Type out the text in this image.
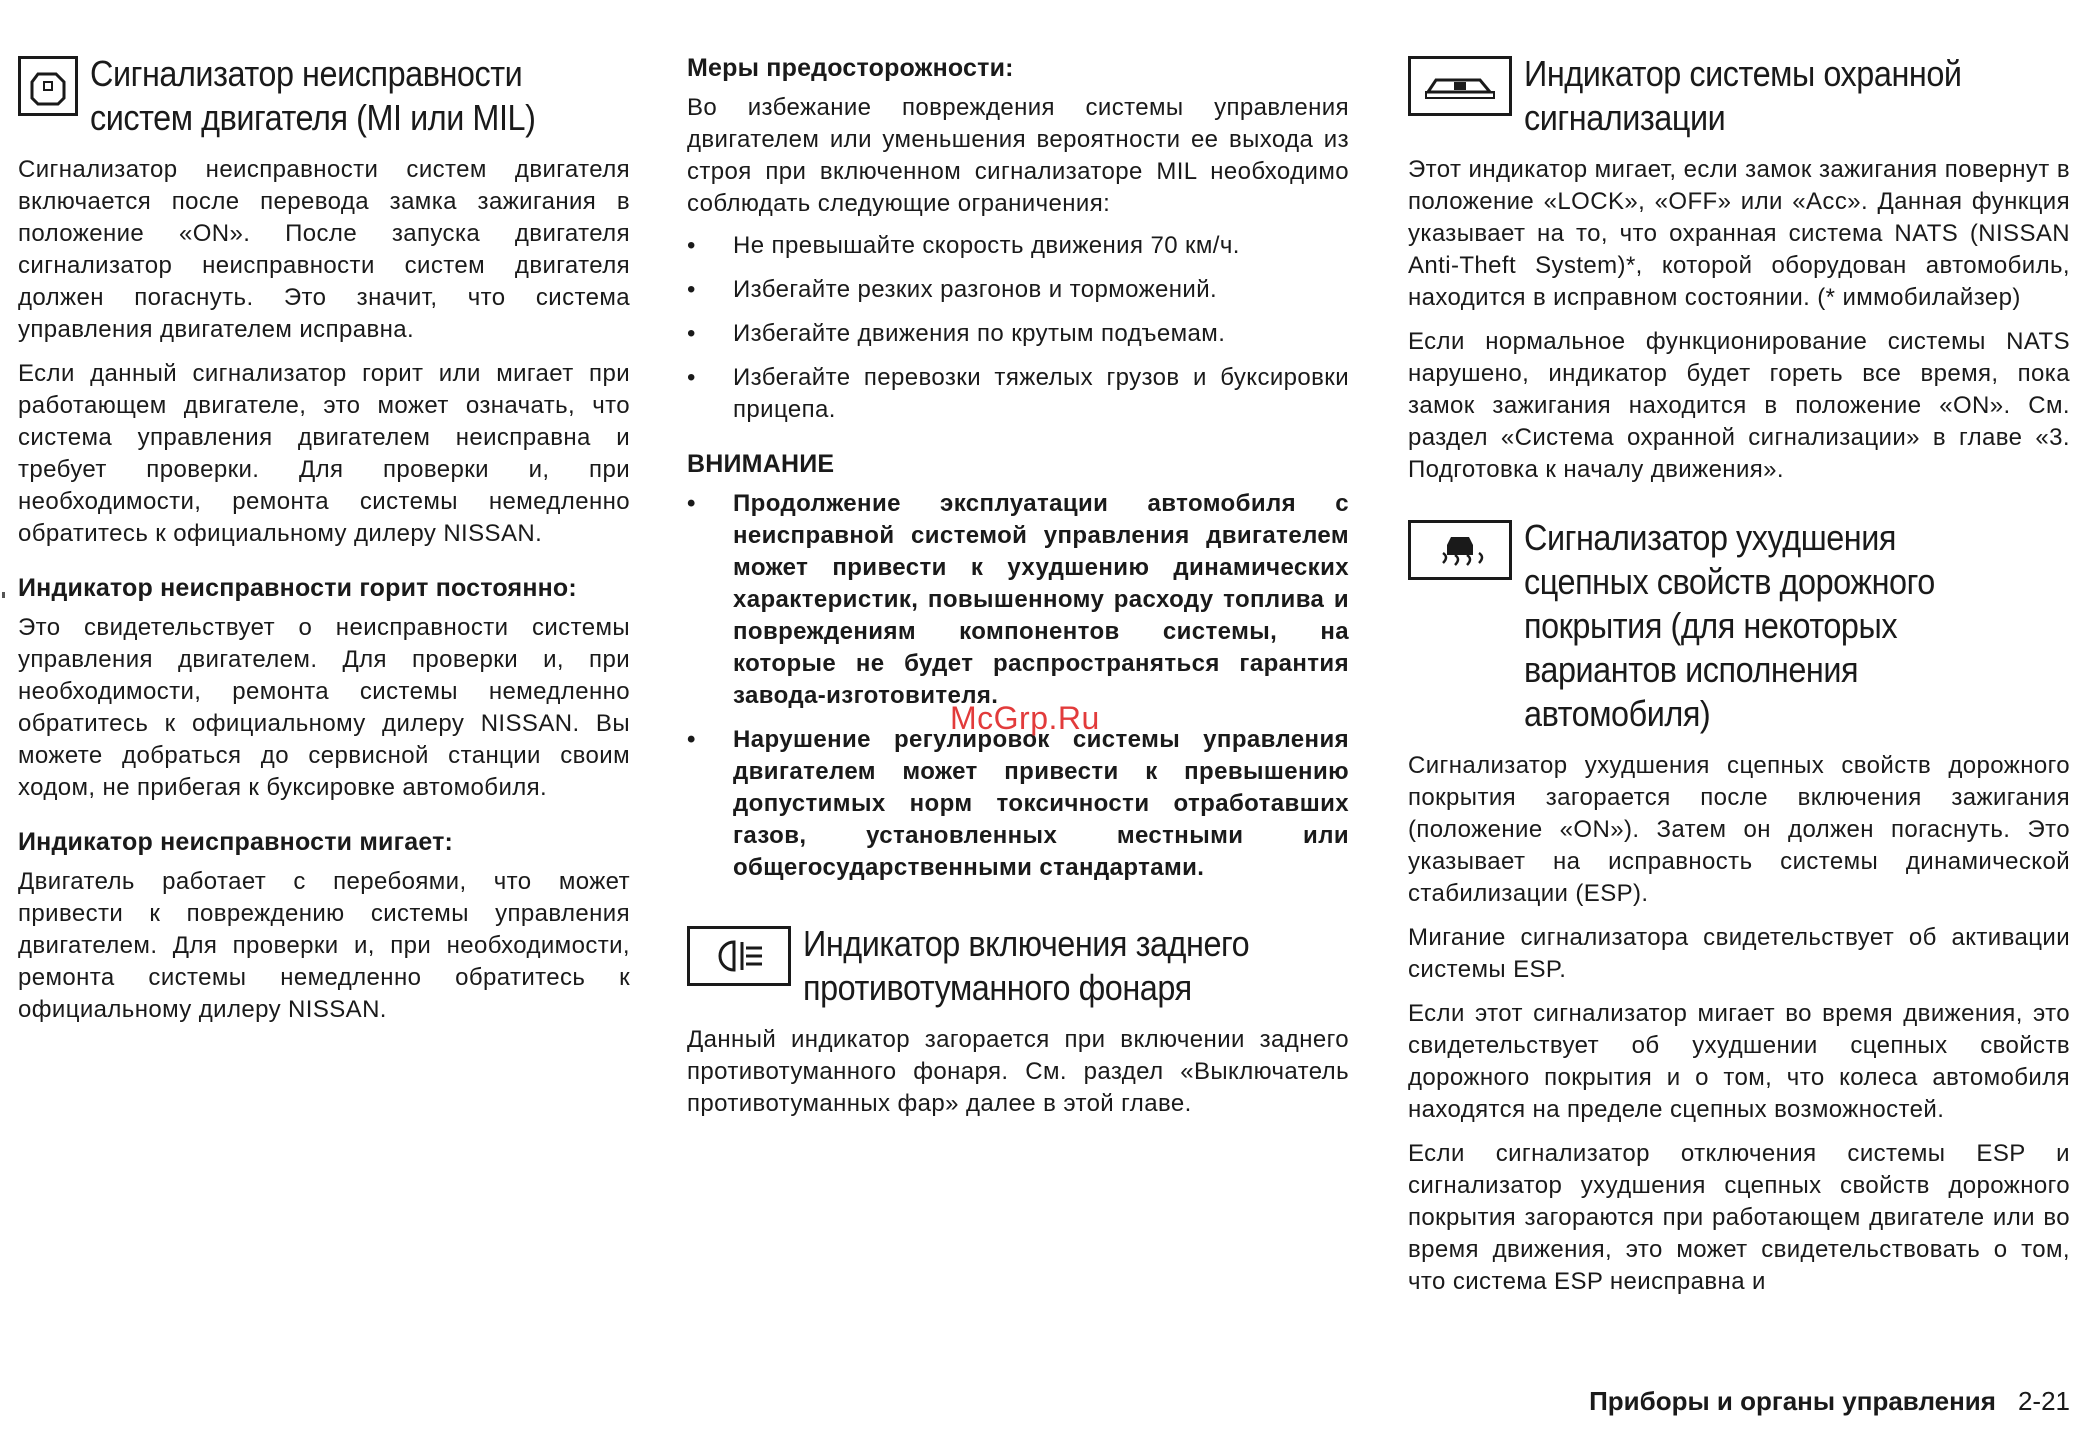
Сигнализатор неисправности систем двигателя (MI или MIL)

Сигнализатор неисправности систем двигателя включается после перевода замка зажигания в положение «ON». После запуска двигателя сигнализатор неисправности систем двигателя должен погаснуть. Это значит, что система управления двигателем исправна.

Если данный сигнализатор горит или мигает при работающем двигателе, это может означать, что система управления двигателем неисправна и требует проверки. Для проверки и, при необходимости, ремонта системы немедленно обратитесь к официальному дилеру NISSAN.

Индикатор неисправности горит постоянно:

Это свидетельствует о неисправности системы управления двигателем. Для проверки и, при необходимости, ремонта системы немедленно обратитесь к официальному дилеру NISSAN. Вы можете добраться до сервисной станции своим ходом, не прибегая к буксировке автомобиля.

Индикатор неисправности мигает:

Двигатель работает с перебоями, что может привести к повреждению системы управления двигателем. Для проверки и, при необходимости, ремонта системы немедленно обратитесь к официальному дилеру NISSAN.

Меры предосторожности:

Во избежание повреждения системы управления двигателем или уменьшения вероятности ее выхода из строя при включенном сигнализаторе MIL необходимо соблюдать следующие ограничения:

• Не превышайте скорость движения 70 км/ч.
• Избегайте резких разгонов и торможений.
• Избегайте движения по крутым подъемам.
• Избегайте перевозки тяжелых грузов и буксировки прицепа.
ВНИМАНИЕ
• Продолжение эксплуатации автомобиля с неисправной системой управления двигателем может привести к ухудшению динамических характеристик, повышенному расходу топлива и повреждениям компонентов системы, на которые не будет распространяться гарантия завода-изготовителя.
• Нарушение регулировок системы управления двигателем может привести к превышению допустимых норм токсичности отработавших газов, установленных местными или общегосударственными стандартами.
Индикатор включения заднего противотуманного фонаря

Данный индикатор загорается при включении заднего противотуманного фонаря. См. раздел «Выключатель противотуманных фар» далее в этой главе.

Индикатор системы охранной сигнализации

Этот индикатор мигает, если замок зажигания повернут в положение «LOCK», «OFF» или «Acc». Данная функция указывает на то, что охранная система NATS (NISSAN Anti-Theft System)*, которой оборудован автомобиль, находится в исправном состоянии. (* иммобилайзер)

Если нормальное функционирование системы NATS нарушено, индикатор будет гореть все время, пока замок зажигания находится в положение «ON». См. раздел «Система охранной сигнализации» в главе «3. Подготовка к началу движения».

Сигнализатор ухудшения сцепных свойств дорожного покрытия (для некоторых вариантов исполнения автомобиля)

Сигнализатор ухудшения сцепных свойств дорожного покрытия загорается после включения зажигания (положение «ON»). Затем он должен погаснуть. Это указывает на исправность системы динамической стабилизации (ESP).

Мигание сигнализатора свидетельствует об активации системы ESP.

Если этот сигнализатор мигает во время движения, это свидетельствует об ухудшении сцепных свойств дорожного покрытия и о том, что колеса автомобиля находятся на пределе сцепных возможностей.

Если сигнализатор отключения системы ESP и сигнализатор ухудшения сцепных свойств дорожного покрытия загораются при работающем двигателе или во время движения, это может свидетельствовать о том, что система ESP неисправна и

McGrp.Ru
Приборы и органы управления 2-21
